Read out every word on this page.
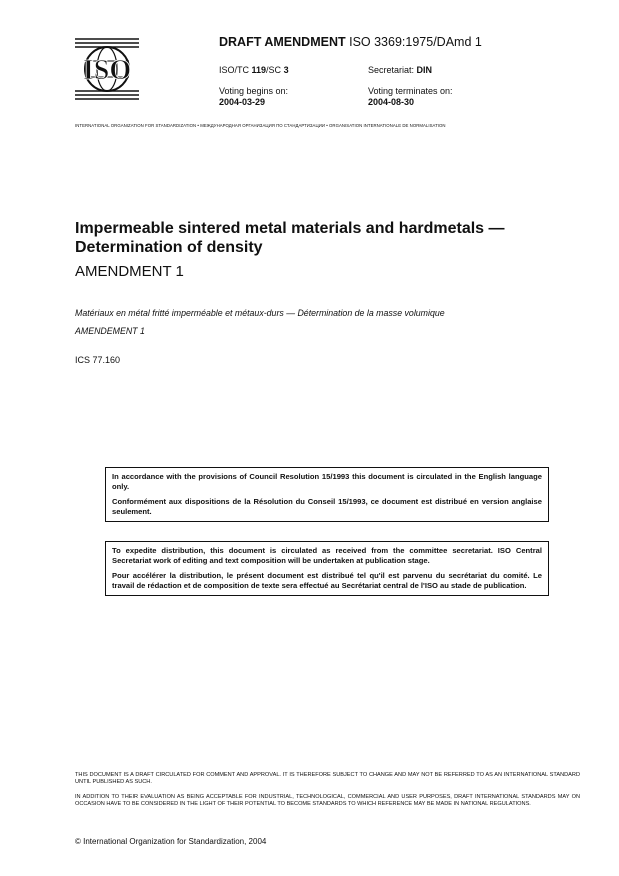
ISO
DRAFT AMENDMENT ISO 3369:1975/DAmd 1
ISO/TC 119/SC 3	Secretariat: DIN
Voting begins on:
2004-03-29
Voting terminates on:
2004-08-30
INTERNATIONAL ORGANIZATION FOR STANDARDIZATION • МЕЖДУНАРОДНАЯ ОРГАНИЗАЦИЯ ПО СТАНДАРТИЗАЦИИ • ORGANISATION INTERNATIONALE DE NORMALISATION
Impermeable sintered metal materials and hardmetals —
Determination of density
AMENDMENT 1
Matériaux en métal fritté imperméable et métaux-durs — Détermination de la masse volumique
AMENDEMENT 1
ICS 77.160

In accordance with the provisions of Council Resolution 15/1993 this document is circulated in the English language only.

Conformément aux dispositions de la Résolution du Conseil 15/1993, ce document est distribué en version anglaise seulement.

To expedite distribution, this document is circulated as received from the committee secretariat. ISO Central Secretariat work of editing and text composition will be undertaken at publication stage.

Pour accélérer la distribution, le présent document est distribué tel qu'il est parvenu du secrétariat du comité. Le travail de rédaction et de composition de texte sera effectué au Secrétariat central de l'ISO au stade de publication.

THIS DOCUMENT IS A DRAFT CIRCULATED FOR COMMENT AND APPROVAL. IT IS THEREFORE SUBJECT TO CHANGE AND MAY NOT BE REFERRED TO AS AN INTERNATIONAL STANDARD UNTIL PUBLISHED AS SUCH.
IN ADDITION TO THEIR EVALUATION AS BEING ACCEPTABLE FOR INDUSTRIAL, TECHNOLOGICAL, COMMERCIAL AND USER PURPOSES, DRAFT INTERNATIONAL STANDARDS MAY ON OCCASION HAVE TO BE CONSIDERED IN THE LIGHT OF THEIR POTENTIAL TO BECOME STANDARDS TO WHICH REFERENCE MAY BE MADE IN NATIONAL REGULATIONS.
© International Organization for Standardization, 2004
